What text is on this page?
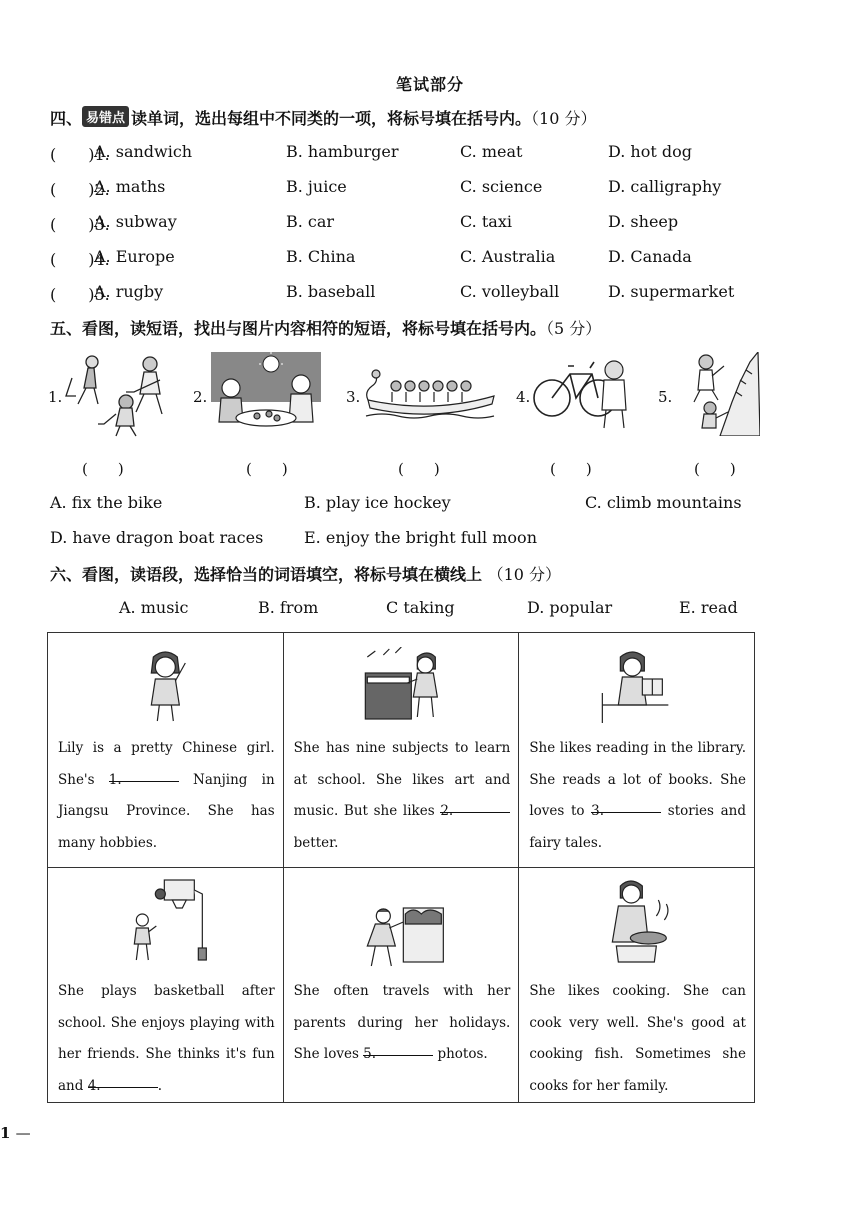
笔试部分
四、 易错点 读单词，选出每组中不同类的一项，将标号填在括号内。（10 分）
(　　)1.
A. sandwich	B. hamburger	C. meat	D. hot dog
(　　)2.
A. maths	B. juice	C. science	D. calligraphy
(　　)3.
A. subway	B. car	C. taxi	D. sheep
(　　)4.
A. Europe	B. China	C. Australia	D. Canada
(　　)5.
A. rugby	B. baseball	C. volleyball	D. supermarket
五、看图，读短语，找出与图片内容相符的短语，将标号填在括号内。（5 分）
1.	2.	3.	4.	5.
(　　)	(　　)	(　　)	(　　)	(　　)
A. fix the bike	B. play ice hockey	C. climb mountains
D. have dragon boat races	E. enjoy the bright full moon
六、看图，读语段，选择恰当的词语填空，将标号填在横线上 （10 分）
A. music	B. from	C taking	D. popular	E. read
Lily is a pretty Chinese girl. She's 1. Nanjing in Jiangsu Province. She has many hobbies.	She has nine subjects to learn at school. She likes art and music. But she likes 2. better.	She likes reading in the library. She reads a lot of books. She loves to 3. stories and fairy tales.

She plays basketball after school. She enjoys playing with her friends. She thinks it's fun and 4. .	She often travels with her parents during her holidays. She loves 5. photos.	She likes cooking. She can cook very well. She's good at cooking fish. Sometimes she cooks for her family.
1 —
